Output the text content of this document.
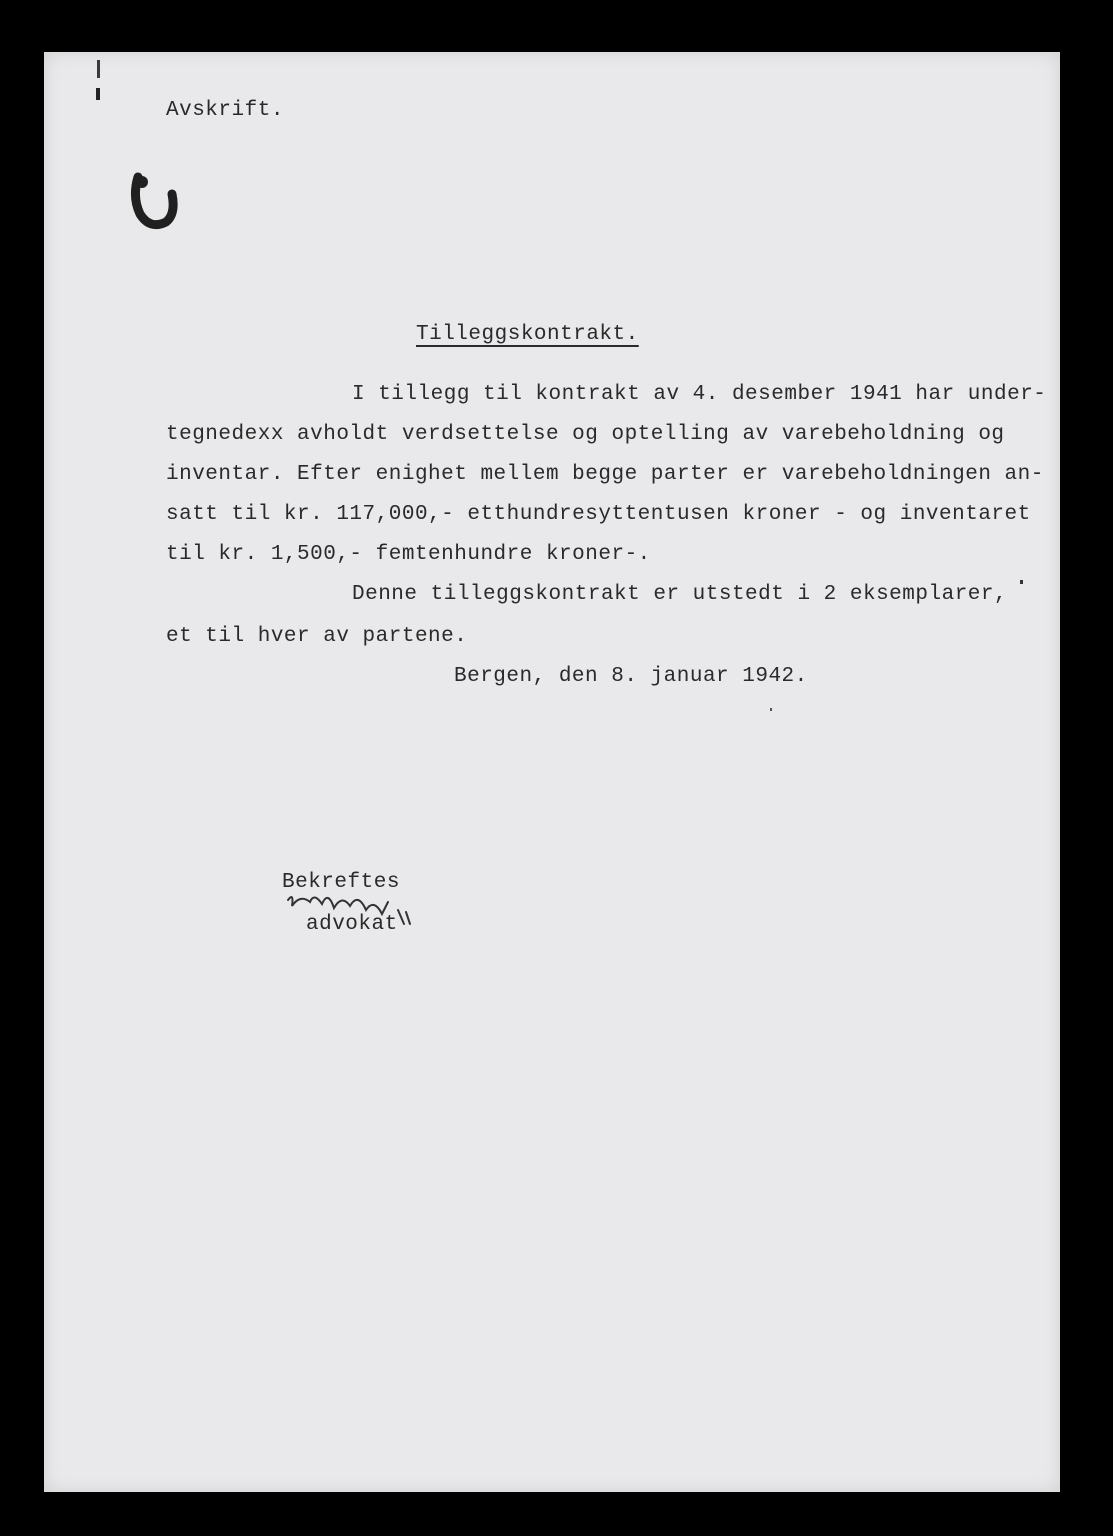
Avskrift.
Tilleggskontrakt.
I tillegg til kontrakt av 4. desember 1941 har under-
tegnedexx avholdt verdsettelse og optelling av varebeholdning og
inventar. Efter enighet mellem begge parter er varebeholdningen an-
satt til kr. 117,000,- etthundresyttentusen kroner - og inventaret
til kr. 1,500,- femtenhundre kroner-.
Denne tilleggskontrakt er utstedt i 2 eksemplarer,
et til hver av partene.
Bergen, den 8. januar 1942.
Bekreftes
advokat
